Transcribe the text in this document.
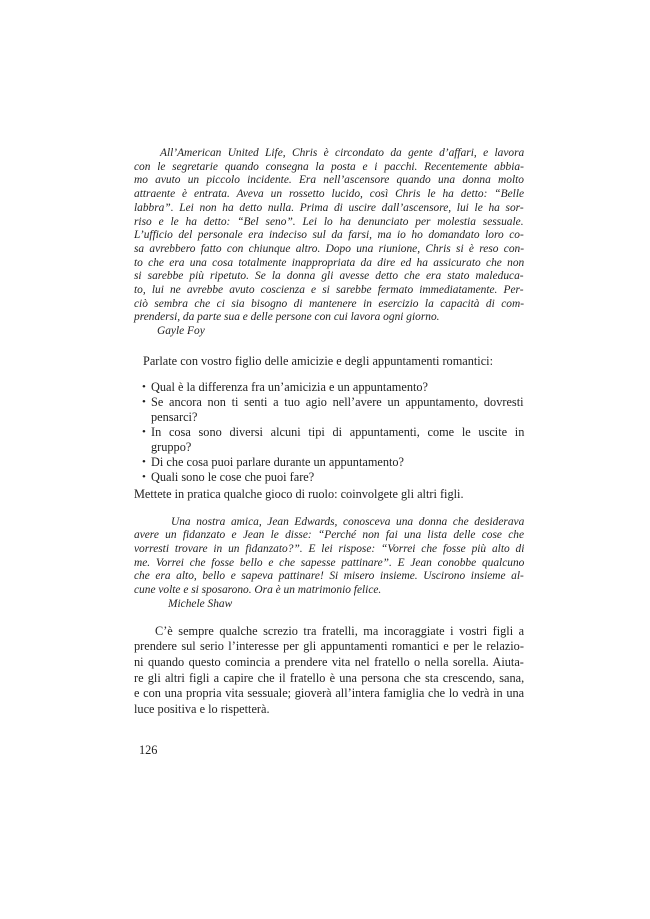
All’American United Life, Chris è circondato da gente d’affari, e lavora
con le segretarie quando consegna la posta e i pacchi. Recentemente abbia-
mo avuto un piccolo incidente. Era nell’ascensore quando una donna molto
attraente è entrata. Aveva un rossetto lucido, così Chris le ha detto: “Belle
labbra”. Lei non ha detto nulla. Prima di uscire dall’ascensore, lui le ha sor-
riso e le ha detto: “Bel seno”. Lei lo ha denunciato per molestia sessuale.
L’ufficio del personale era indeciso sul da farsi, ma io ho domandato loro co-
sa avrebbero fatto con chiunque altro. Dopo una riunione, Chris si è reso con-
to che era una cosa totalmente inappropriata da dire ed ha assicurato che non
si sarebbe più ripetuto. Se la donna gli avesse detto che era stato maleduca-
to, lui ne avrebbe avuto coscienza e si sarebbe fermato immediatamente. Per-
ciò sembra che ci sia bisogno di mantenere in esercizio la capacità di com-
prendersi, da parte sua e delle persone con cui lavora ogni giorno.
Gayle Foy
Parlate con vostro figlio delle amicizie e degli appuntamenti romantici:
• Qual è la differenza fra un’amicizia e un appuntamento?
• Se ancora non ti senti a tuo agio nell’avere un appuntamento, dovresti
pensarci?
• In cosa sono diversi alcuni tipi di appuntamenti, come le uscite in
gruppo?
• Di che cosa puoi parlare durante un appuntamento?
• Quali sono le cose che puoi fare?
Mettete in pratica qualche gioco di ruolo: coinvolgete gli altri figli.
Una nostra amica, Jean Edwards, conosceva una donna che desiderava
avere un fidanzato e Jean le disse: “Perché non fai una lista delle cose che
vorresti trovare in un fidanzato?”. E lei rispose: “Vorrei che fosse più alto di
me. Vorrei che fosse bello e che sapesse pattinare”. E Jean conobbe qualcuno
che era alto, bello e sapeva pattinare! Si misero insieme. Uscirono insieme al-
cune volte e si sposarono. Ora è un matrimonio felice.
Michele Shaw
C’è sempre qualche screzio tra fratelli, ma incoraggiate i vostri figli a
prendere sul serio l’interesse per gli appuntamenti romantici e per le relazio-
ni quando questo comincia a prendere vita nel fratello o nella sorella. Aiuta-
re gli altri figli a capire che il fratello è una persona che sta crescendo, sana,
e con una propria vita sessuale; gioverà all’intera famiglia che lo vedrà in una
luce positiva e lo rispetterà.
126
